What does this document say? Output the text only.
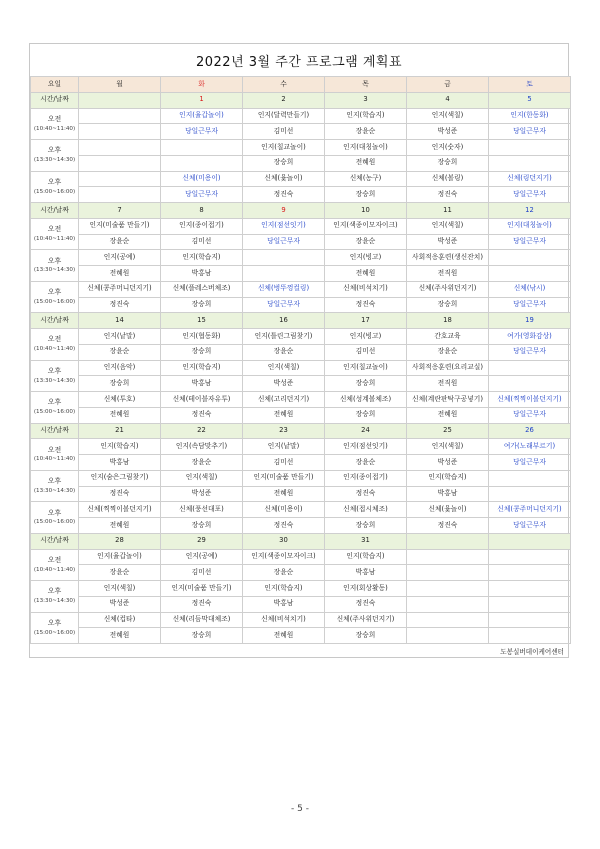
2022년 3월 주간 프로그램 계획표
요일	월	화	수	목	금	토
시간/날짜		1	2	3	4	5

오전
(10:40~11:40)		인지(율갑놀이)	인지(달력만들기)	인지(학습지)	인지(색칠)	인지(한동화)
		당일근무자	김미선	장윤순	박성준	당일근무자

오후
(13:30~14:30)			인지(칠교놀이)	인지(대칭놀이)	인지(숫자)	
			장승희	전혜원	장승희	

오후
(15:00~16:00)		신체(미용이)	신체(윷놀이)	신체(농구)	신체(볼링)	신체(링던지기)
		당일근무자	정진숙	장승희	정진숙	당일근무자
시간/날짜	7	8	9	10	11	12

오전
(10:40~11:40)	인지(미술품 만들기)	인지(종이접기)	인지(점선잇기)	인지(색종이모자이크)	인지(색칠)	인지(대칭놀이)
	장윤순	김미선	당일근무자	장윤순	박성준	당일근무자

오후
(13:30~14:30)	인지(공예)	인지(학습지)		인지(빙고)	사회적응훈련(생신잔치)	
	전혜원	박홍남		전혜원	전직원	

오후
(15:00~16:00)	신체(콩주머니던지기)	신체(플레스버체조)	신체(벙뚜껑컬링)	신체(비석치기)	신체(주사위던지기)	신체(낚시)
	정진숙	장승희	당일근무자	정진숙	장승희	당일근무자
시간/날짜	14	15	16	17	18	19

오전
(10:40~11:40)	인지(낱말)	인지(협동화)	인지(틀린그림찾기)	인지(빙고)	간호교육	여가(영화감상)
	장윤순	장승희	장윤순	김미선	장윤순	당일근무자

오후
(13:30~14:30)	인지(음악)	인지(학습지)	인지(색칠)	인지(칠교놀이)	사회적응훈련(요리교실)	
	장승희	박홍남	박성준	장승희	전직원	

오후
(15:00~16:00)	신체(투호)	신체(테이블자유투)	신체(고리던지기)	신체(성계볼체조)	신체(계란판탁구공넣기)	신체(찍찍이볼던지기)
	전혜원	정진숙	전혜원	장승희	전혜원	당일근무자
시간/날짜	21	22	23	24	25	26

오전
(10:40~11:40)	인지(학습지)	인지(속담맞추기)	인지(낱말)	인지(점선잇기)	인지(색칠)	여가(노래부르기)
	박홍남	장윤순	김미선	장윤순	박성준	당일근무자

오후
(13:30~14:30)	인지(숨은그림찾기)	인지(색칠)	인지(미술품 만들기)	인지(종이접기)	인지(학습지)	
	정진숙	박성준	전혜원	정진숙	박홍남	

오후
(15:00~16:00)	신체(찍찍이볼던지기)	신체(풍선대포)	신체(미용이)	신체(접시체조)	신체(윷놀이)	신체(콩주머니던지기)
	전혜원	장승희	정진숙	장승희	정진숙	당일근무자
시간/날짜	28	29	30	31		

오전
(10:40~11:40)	인지(율갑놀이)	인지(공예)	인지(색종이모자이크)	인지(학습지)		
	장윤순	김미선	장윤순	박홍남		

오후
(13:30~14:30)	인지(색칠)	인지(미술품 만들기)	인지(학습지)	인지(회상활동)		
	박성준	정진숙	박홍남	정진숙		

오후
(15:00~16:00)	신체(컵타)	신체(리듬막대체조)	신체(비석치기)	신체(주사위던지기)		
	전혜원	장승희	전혜원	장승희		
도봉실버데이케어센터
- 5 -
